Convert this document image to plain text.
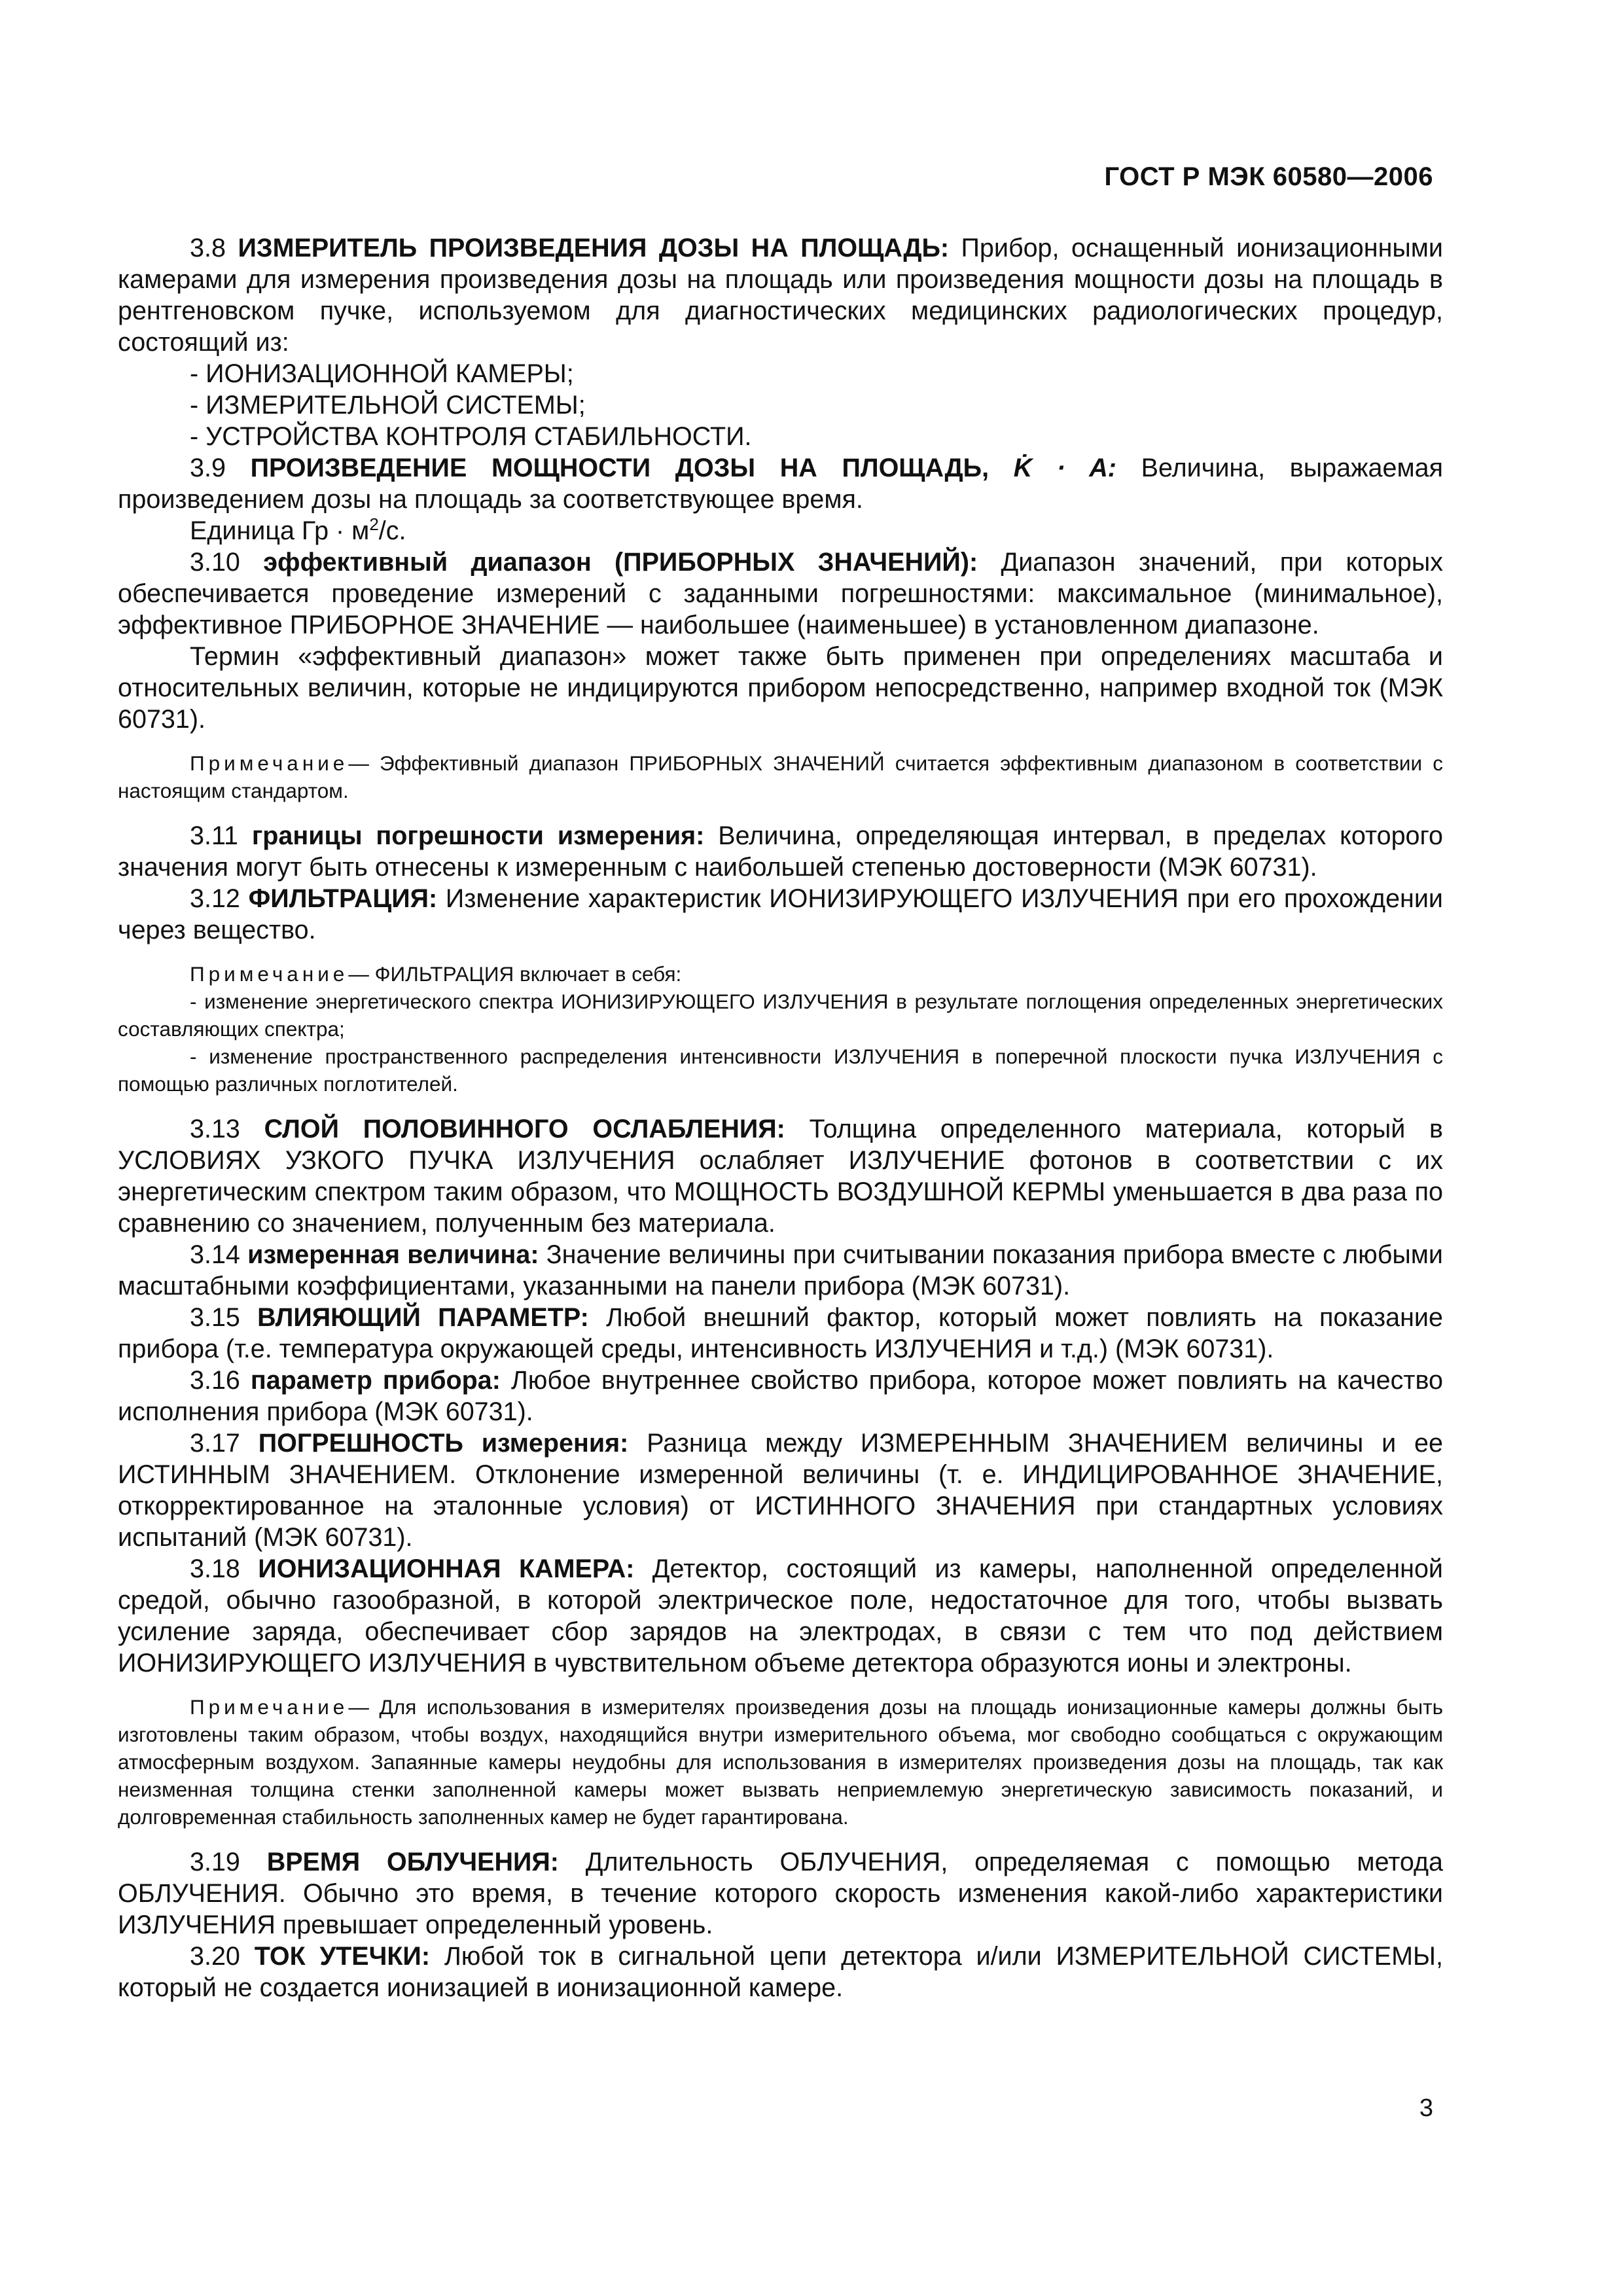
ГОСТ Р МЭК 60580—2006

3.8 ИЗМЕРИТЕЛЬ ПРОИЗВЕДЕНИЯ ДОЗЫ НА ПЛОЩАДЬ: Прибор, оснащенный ионизационными камерами для измерения произведения дозы на площадь или произведения мощности дозы на площадь в рентгеновском пучке, используемом для диагностических медицинских радиологических процедур, состоящий из:

- ИОНИЗАЦИОННОЙ КАМЕРЫ;

- ИЗМЕРИТЕЛЬНОЙ СИСТЕМЫ;

- УСТРОЙСТВА КОНТРОЛЯ СТАБИЛЬНОСТИ.

3.9 ПРОИЗВЕДЕНИЕ МОЩНОСТИ ДОЗЫ НА ПЛОЩАДЬ, K̇ · A: Величина, выражаемая произведением дозы на площадь за соответствующее время.

Единица Гр · $м^2/с$.

3.10 эффективный диапазон (ПРИБОРНЫХ ЗНАЧЕНИЙ): Диапазон значений, при которых обеспечивается проведение измерений с заданными погрешностями: максимальное (минимальное), эффективное ПРИБОРНОЕ ЗНАЧЕНИЕ — наибольшее (наименьшее) в установленном диапазоне.

Термин «эффективный диапазон» может также быть применен при определениях масштаба и относительных величин, которые не индицируются прибором непосредственно, например входной ток (МЭК 60731).

Примечание— Эффективный диапазон ПРИБОРНЫХ ЗНАЧЕНИЙ считается эффективным диапазоном в соответствии с настоящим стандартом.

3.11 границы погрешности измерения: Величина, определяющая интервал, в пределах которого значения могут быть отнесены к измеренным с наибольшей степенью достоверности (МЭК 60731).

3.12 ФИЛЬТРАЦИЯ: Изменение характеристик ИОНИЗИРУЮЩЕГО ИЗЛУЧЕНИЯ при его прохождении через вещество.

Примечание— ФИЛЬТРАЦИЯ включает в себя:

- изменение энергетического спектра ИОНИЗИРУЮЩЕГО ИЗЛУЧЕНИЯ в результате поглощения определенных энергетических составляющих спектра;

- изменение пространственного распределения интенсивности ИЗЛУЧЕНИЯ в поперечной плоскости пучка ИЗЛУЧЕНИЯ с помощью различных поглотителей.

3.13 СЛОЙ ПОЛОВИННОГО ОСЛАБЛЕНИЯ: Толщина определенного материала, который в УСЛОВИЯХ УЗКОГО ПУЧКА ИЗЛУЧЕНИЯ ослабляет ИЗЛУЧЕНИЕ фотонов в соответствии с их энергетическим спектром таким образом, что МОЩНОСТЬ ВОЗДУШНОЙ КЕРМЫ уменьшается в два раза по сравнению со значением, полученным без материала.

3.14 измеренная величина: Значение величины при считывании показания прибора вместе с любыми масштабными коэффициентами, указанными на панели прибора (МЭК 60731).

3.15 ВЛИЯЮЩИЙ ПАРАМЕТР: Любой внешний фактор, который может повлиять на показание прибора (т.е. температура окружающей среды, интенсивность ИЗЛУЧЕНИЯ и т.д.) (МЭК 60731).

3.16 параметр прибора: Любое внутреннее свойство прибора, которое может повлиять на качество исполнения прибора (МЭК 60731).

3.17 ПОГРЕШНОСТЬ измерения: Разница между ИЗМЕРЕННЫМ ЗНАЧЕНИЕМ величины и ее ИСТИННЫМ ЗНАЧЕНИЕМ. Отклонение измеренной величины (т. е. ИНДИЦИРОВАННОЕ ЗНАЧЕНИЕ, откорректированное на эталонные условия) от ИСТИННОГО ЗНАЧЕНИЯ при стандартных условиях испытаний (МЭК 60731).

3.18 ИОНИЗАЦИОННАЯ КАМЕРА: Детектор, состоящий из камеры, наполненной определенной средой, обычно газообразной, в которой электрическое поле, недостаточное для того, чтобы вызвать усиление заряда, обеспечивает сбор зарядов на электродах, в связи с тем что под действием ИОНИЗИРУЮЩЕГО ИЗЛУЧЕНИЯ в чувствительном объеме детектора образуются ионы и электроны.

Примечание— Для использования в измерителях произведения дозы на площадь ионизационные камеры должны быть изготовлены таким образом, чтобы воздух, находящийся внутри измерительного объема, мог свободно сообщаться с окружающим атмосферным воздухом. Запаянные камеры неудобны для использования в измерителях произведения дозы на площадь, так как неизменная толщина стенки заполненной камеры может вызвать неприемлемую энергетическую зависимость показаний, и долговременная стабильность заполненных камер не будет гарантирована.

3.19 ВРЕМЯ ОБЛУЧЕНИЯ: Длительность ОБЛУЧЕНИЯ, определяемая с помощью метода ОБЛУЧЕНИЯ. Обычно это время, в течение которого скорость изменения какой-либо характеристики ИЗЛУЧЕНИЯ превышает определенный уровень.

3.20 ТОК УТЕЧКИ: Любой ток в сигнальной цепи детектора и/или ИЗМЕРИТЕЛЬНОЙ СИСТЕМЫ, который не создается ионизацией в ионизационной камере.

3
